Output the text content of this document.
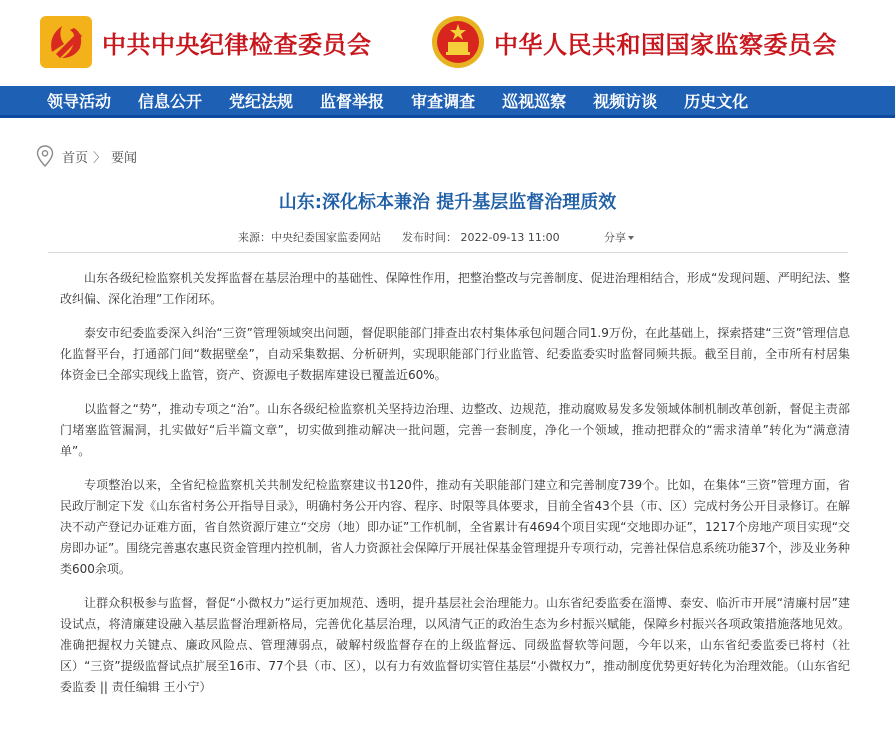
中共中央纪律检查委员会	中华人民共和国国家监察委员会
领导活动 信息公开 党纪法规 监督举报 审查调查 巡视巡察 视频访谈 历史文化
首页 〉 要闻
山东:深化标本兼治 提升基层监督治理质效
来源：中央纪委国家监委网站 发布时间： 2022-09-13 11:00	分享

山东各级纪检监察机关发挥监督在基层治理中的基础性、保障性作用，把整治整改与完善制度、促进治理相结合，形成“发现问题、严明纪法、整改纠偏、深化治理”工作闭环。

泰安市纪委监委深入纠治“三资”管理领域突出问题，督促职能部门排查出农村集体承包问题合同1.9万份，在此基础上，探索搭建“三资”管理信息化监督平台，打通部门间“数据壁垒”，自动采集数据、分析研判，实现职能部门行业监管、纪委监委实时监督同频共振。截至目前，全市所有村居集体资金已全部实现线上监管，资产、资源电子数据库建设已覆盖近60%。

以监督之“势”，推动专项之“治”。山东各级纪检监察机关坚持边治理、边整改、边规范，推动腐败易发多发领域体制机制改革创新，督促主责部门堵塞监管漏洞，扎实做好“后半篇文章”，切实做到推动解决一批问题，完善一套制度，净化一个领域，推动把群众的“需求清单”转化为“满意清单”。

专项整治以来，全省纪检监察机关共制发纪检监察建议书120件，推动有关职能部门建立和完善制度739个。比如，在集体“三资”管理方面，省民政厅制定下发《山东省村务公开指导目录》，明确村务公开内容、程序、时限等具体要求，目前全省43个县（市、区）完成村务公开目录修订。在解决不动产登记办证难方面，省自然资源厅建立“交房（地）即办证”工作机制，全省累计有4694个项目实现“交地即办证”，1217个房地产项目实现“交房即办证”。围绕完善惠农惠民资金管理内控机制，省人力资源社会保障厅开展社保基金管理提升专项行动，完善社保信息系统功能37个，涉及业务种类600余项。

让群众积极参与监督，督促“小微权力”运行更加规范、透明，提升基层社会治理能力。山东省纪委监委在淄博、泰安、临沂市开展“清廉村居”建设试点，将清廉建设融入基层监督治理新格局，完善优化基层治理，以风清气正的政治生态为乡村振兴赋能，保障乡村振兴各项政策措施落地见效。准确把握权力关键点、廉政风险点、管理薄弱点，破解村级监督存在的上级监督远、同级监督软等问题，今年以来，山东省纪委监委已将村（社区）“三资”提级监督试点扩展至16市、77个县（市、区），以有力有效监督切实管住基层“小微权力”，推动制度优势更好转化为治理效能。（山东省纪委监委 || 责任编辑 王小宁）
